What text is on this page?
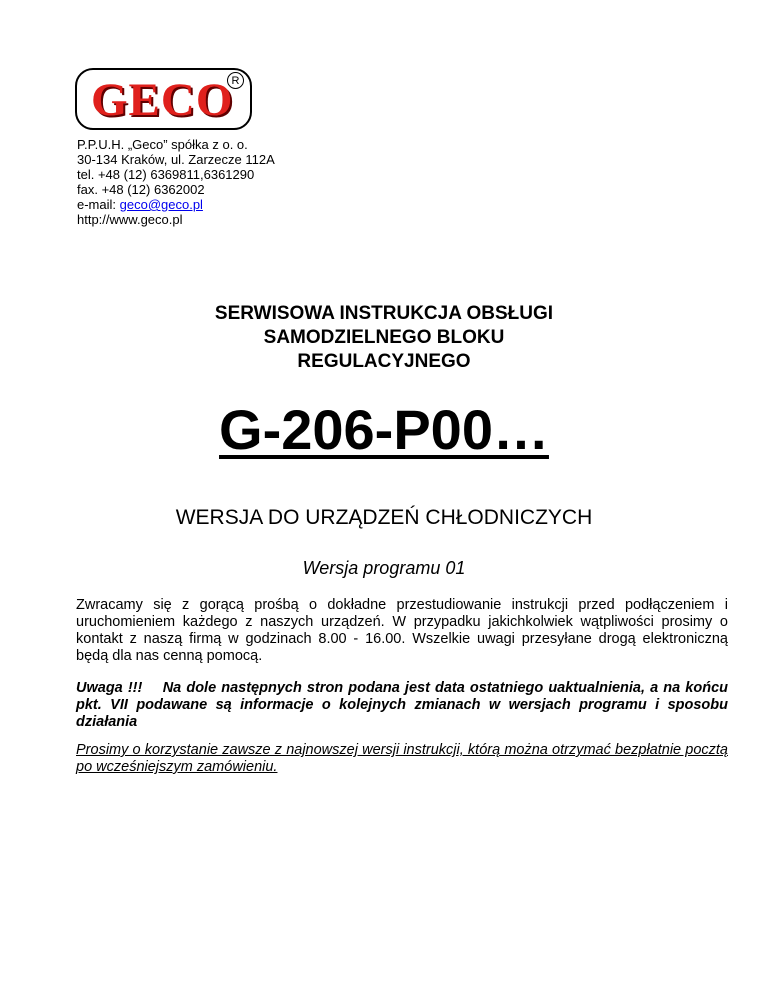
GECO
R
P.P.U.H. „Geco” spółka z o. o.
30-134 Kraków, ul. Zarzecze 112A
tel. +48 (12) 6369811,6361290
fax. +48 (12) 6362002
e-mail: geco@geco.pl
http://www.geco.pl
SERWISOWA INSTRUKCJA OBSŁUGI
SAMODZIELNEGO BLOKU
REGULACYJNEGO
G-206-P00…
WERSJA DO URZĄDZEŃ CHŁODNICZYCH
Wersja programu 01
Zwracamy się z gorącą prośbą o dokładne przestudiowanie instrukcji przed podłączeniem i uruchomieniem każdego z naszych urządzeń. W przypadku jakichkolwiek wątpliwości prosimy o kontakt z naszą firmą w godzinach 8.00 - 16.00. Wszelkie uwagi przesyłane drogą elektroniczną będą dla nas cenną pomocą.
Uwaga !!!    Na dole następnych stron podana jest data ostatniego uaktualnienia, a na końcu pkt. VII podawane są informacje o kolejnych zmianach w wersjach programu i sposobu działania
Prosimy o korzystanie zawsze z najnowszej wersji instrukcji, którą można otrzymać bezpłatnie pocztą po wcześniejszym zamówieniu.
